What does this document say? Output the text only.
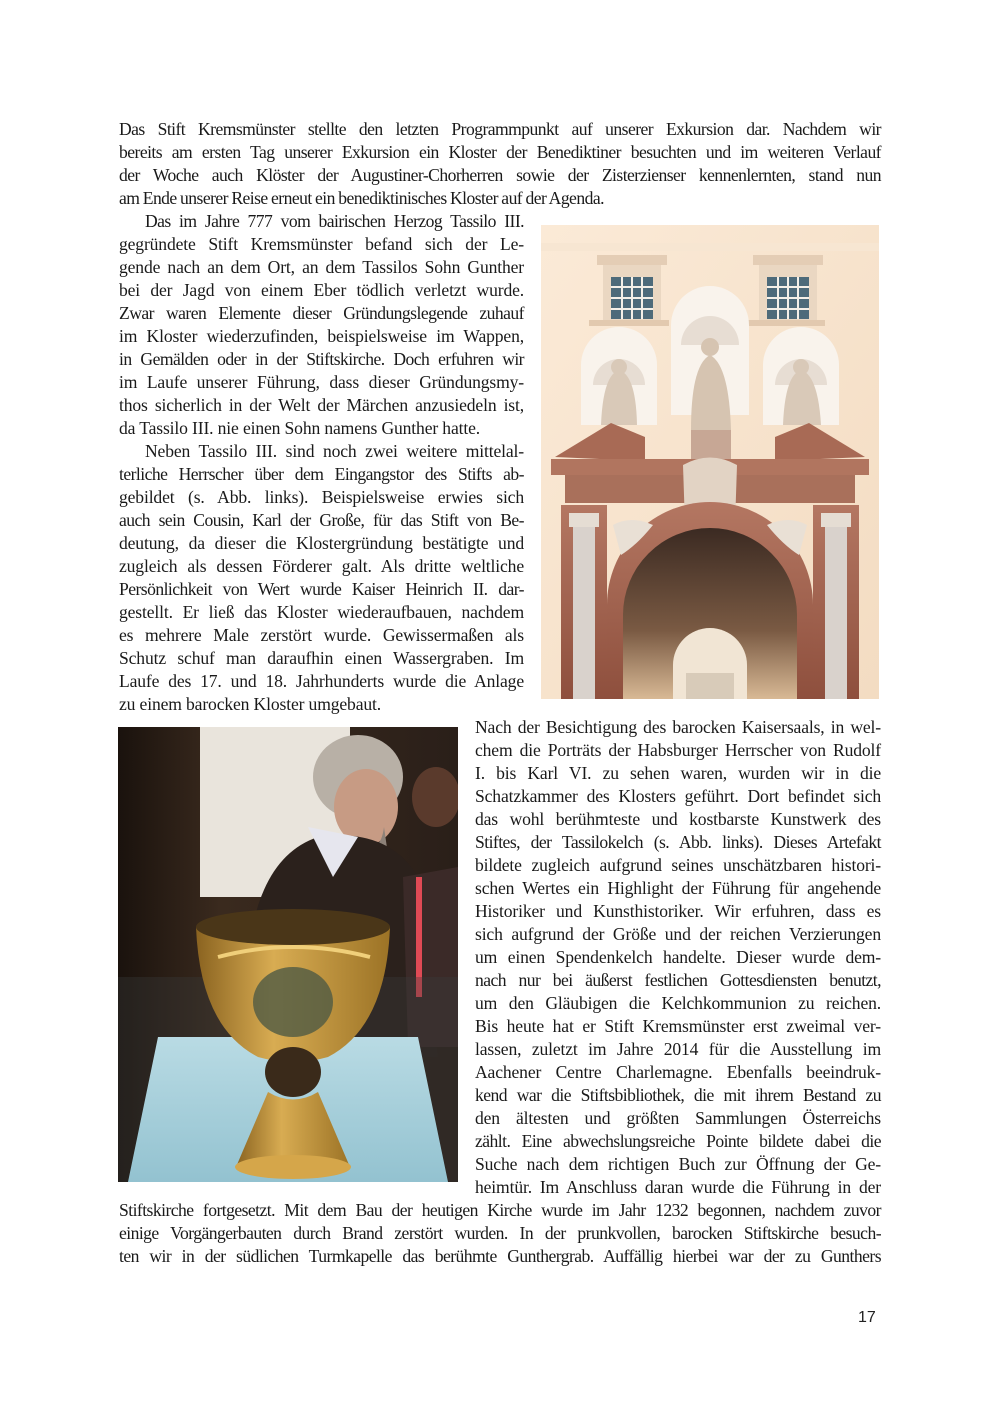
Das Stift Kremsmünster stellte den letzten Programmpunkt auf unserer Exkursion dar. Nachdem wir
bereits am ersten Tag unserer Exkursion ein Kloster der Benediktiner besuchten und im weiteren Verlauf
der Woche auch Klöster der Augustiner-Chorherren sowie der Zisterzienser kennenlernten, stand nun
am Ende unserer Reise erneut ein benediktinisches Kloster auf der Agenda.
Das im Jahre 777 vom bairischen Herzog Tassilo III.
gegründete Stift Kremsmünster befand sich der Le-
gende nach an dem Ort, an dem Tassilos Sohn Gunther
bei der Jagd von einem Eber tödlich verletzt wurde.
Zwar waren Elemente dieser Gründungslegende zuhauf
im Kloster wiederzufinden, beispielsweise im Wappen,
in Gemälden oder in der Stiftskirche. Doch erfuhren wir
im Laufe unserer Führung, dass dieser Gründungsmy-
thos sicherlich in der Welt der Märchen anzusiedeln ist,
da Tassilo III. nie einen Sohn namens Gunther hatte.
Neben Tassilo III. sind noch zwei weitere mittelal-
terliche Herrscher über dem Eingangstor des Stifts ab-
gebildet (s. Abb. links). Beispielsweise erwies sich
auch sein Cousin, Karl der Große, für das Stift von Be-
deutung, da dieser die Klostergründung bestätigte und
zugleich als dessen Förderer galt. Als dritte weltliche
Persönlichkeit von Wert wurde Kaiser Heinrich II. dar-
gestellt. Er ließ das Kloster wiederaufbauen, nachdem
es mehrere Male zerstört wurde. Gewissermaßen als
Schutz schuf man daraufhin einen Wassergraben. Im
Laufe des 17. und 18. Jahrhunderts wurde die Anlage
zu einem barocken Kloster umgebaut.
Nach der Besichtigung des barocken Kaisersaals, in wel-
chem die Porträts der Habsburger Herrscher von Rudolf
I. bis Karl VI. zu sehen waren, wurden wir in die
Schatzkammer des Klosters geführt. Dort befindet sich
das wohl berühmteste und kostbarste Kunstwerk des
Stiftes, der Tassilokelch (s. Abb. links). Dieses Artefakt
bildete zugleich aufgrund seines unschätzbaren histori-
schen Wertes ein Highlight der Führung für angehende
Historiker und Kunsthistoriker. Wir erfuhren, dass es
sich aufgrund der Größe und der reichen Verzierungen
um einen Spendenkelch handelte. Dieser wurde dem-
nach nur bei äußerst festlichen Gottesdiensten benutzt,
um den Gläubigen die Kelchkommunion zu reichen.
Bis heute hat er Stift Kremsmünster erst zweimal ver-
lassen, zuletzt im Jahre 2014 für die Ausstellung im
Aachener Centre Charlemagne. Ebenfalls beeindruk-
kend war die Stiftsbibliothek, die mit ihrem Bestand zu
den ältesten und größten Sammlungen Österreichs
zählt. Eine abwechslungsreiche Pointe bildete dabei die
Suche nach dem richtigen Buch zur Öffnung der Ge-
heimtür. Im Anschluss daran wurde die Führung in der
Stiftskirche fortgesetzt. Mit dem Bau der heutigen Kirche wurde im Jahr 1232 begonnen, nachdem zuvor
einige Vorgängerbauten durch Brand zerstört wurden. In der prunkvollen, barocken Stiftskirche besuch-
ten wir in der südlichen Turmkapelle das berühmte Gunthergrab. Auffällig hierbei war der zu Gunthers
17
